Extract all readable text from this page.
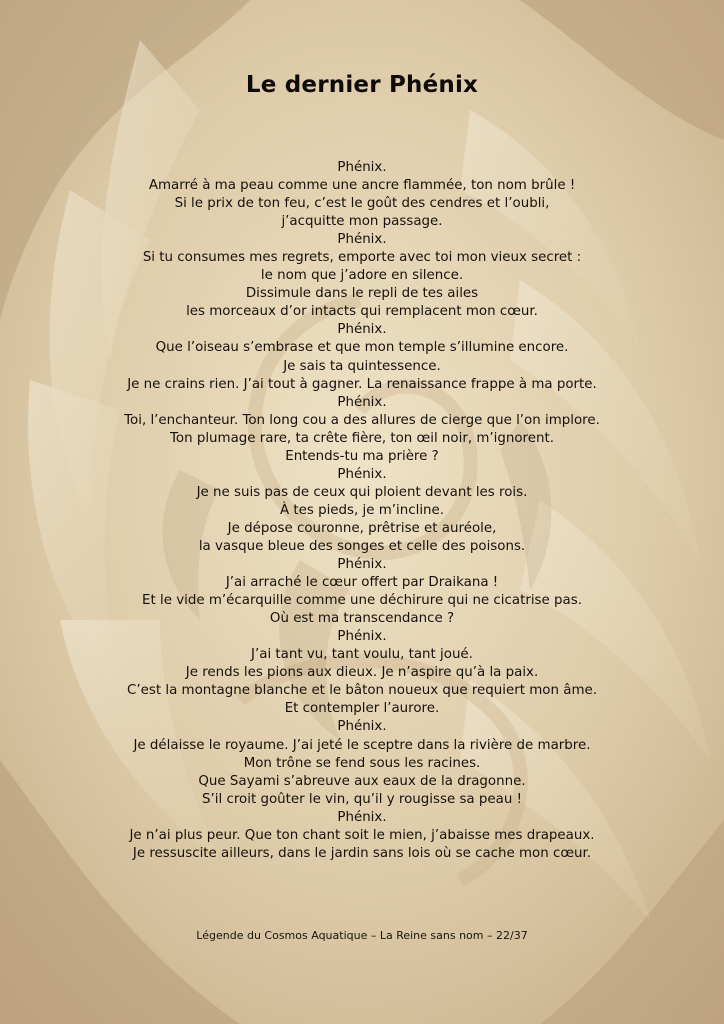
Le dernier Phénix
Phénix.
Amarré à ma peau comme une ancre flammée, ton nom brûle !
Si le prix de ton feu, c’est le goût des cendres et l’oubli,
j’acquitte mon passage.
Phénix.
Si tu consumes mes regrets, emporte avec toi mon vieux secret :
le nom que j’adore en silence.
Dissimule dans le repli de tes ailes
les morceaux d’or intacts qui remplacent mon cœur.
Phénix.
Que l’oiseau s’embrase et que mon temple s’illumine encore.
Je sais ta quintessence.
Je ne crains rien. J’ai tout à gagner. La renaissance frappe à ma porte.
Phénix.
Toi, l’enchanteur. Ton long cou a des allures de cierge que l’on implore.
Ton plumage rare, ta crête fière, ton œil noir, m’ignorent.
Entends-tu ma prière ?
Phénix.
Je ne suis pas de ceux qui ploient devant les rois.
À tes pieds, je m’incline.
Je dépose couronne, prêtrise et auréole,
la vasque bleue des songes et celle des poisons.
Phénix.
J’ai arraché le cœur offert par Draikana !
Et le vide m’écarquille comme une déchirure qui ne cicatrise pas.
Où est ma transcendance ?
Phénix.
J’ai tant vu, tant voulu, tant joué.
Je rends les pions aux dieux. Je n’aspire qu’à la paix.
C’est la montagne blanche et le bâton noueux que requiert mon âme.
Et contempler l’aurore.
Phénix.
Je délaisse le royaume. J’ai jeté le sceptre dans la rivière de marbre.
Mon trône se fend sous les racines.
Que Sayami s’abreuve aux eaux de la dragonne.
S’il croit goûter le vin, qu’il y rougisse sa peau !
Phénix.
Je n’ai plus peur. Que ton chant soit le mien, j’abaisse mes drapeaux.
Je ressuscite ailleurs, dans le jardin sans lois où se cache mon cœur.

Légende du Cosmos Aquatique – La Reine sans nom – 22/37
